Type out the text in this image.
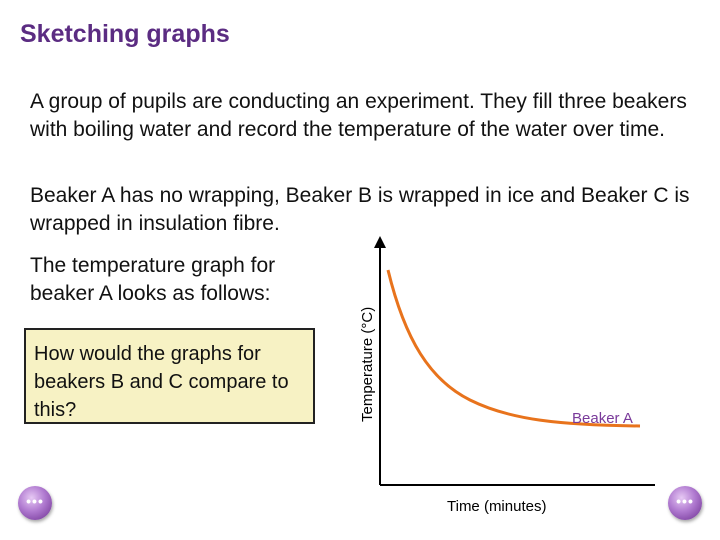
Sketching graphs
A group of pupils are conducting an experiment. They fill three beakers with boiling water and record the temperature of the water over time.
Beaker A has no wrapping, Beaker B is wrapped in ice and Beaker C is wrapped in insulation fibre.
The temperature graph for beaker A looks as follows:
How would the graphs for beakers B and C compare to this?	Beaker A
Time (minutes)
Temperature (°C)
•••	•••
